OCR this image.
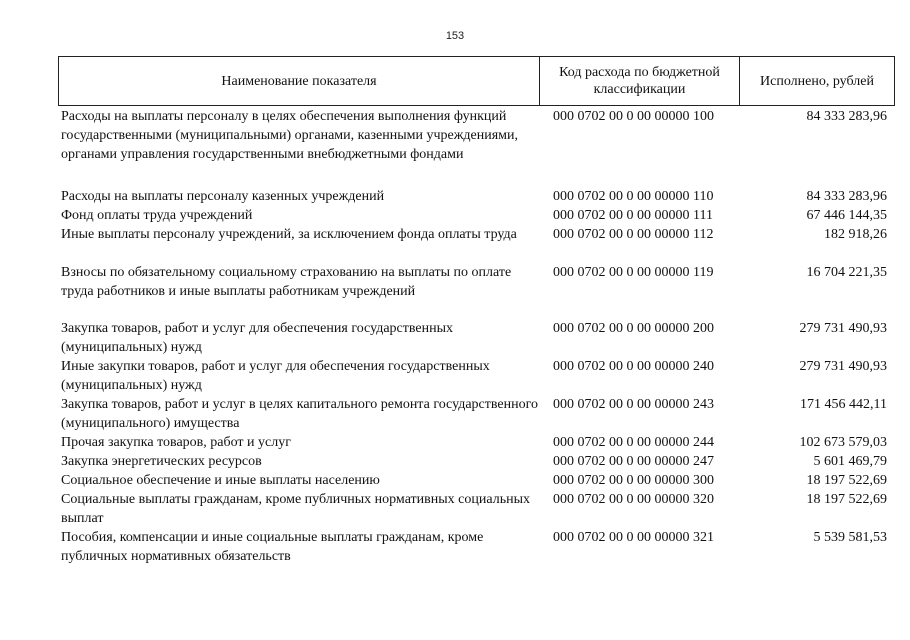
153
Наименование показателя
Код расхода по бюджетной классификации
Исполнено, рублей
Расходы на выплаты персоналу в целях обеспечения выполнения функций государственными (муниципальными) органами, казенными учреждениями, органами управления государственными внебюджетными фондами
000 0702 00 0 00 00000 100	84 333 283,96
Расходы на выплаты персоналу казенных учреждений	000 0702 00 0 00 00000 110	84 333 283,96
Фонд оплаты труда учреждений	000 0702 00 0 00 00000 111	67 446 144,35
Иные выплаты персоналу учреждений, за исключением фонда оплаты труда	000 0702 00 0 00 00000 112	182 918,26
Взносы по обязательному социальному страхованию на выплаты по оплате труда работников и иные выплаты работникам учреждений
000 0702 00 0 00 00000 119	16 704 221,35
Закупка товаров, работ и услуг для обеспечения государственных (муниципальных) нужд
000 0702 00 0 00 00000 200	279 731 490,93
Иные закупки товаров, работ и услуг для обеспечения государственных (муниципальных) нужд
000 0702 00 0 00 00000 240	279 731 490,93
Закупка товаров, работ и услуг в целях капитального ремонта государственного (муниципального) имущества
000 0702 00 0 00 00000 243	171 456 442,11
Прочая закупка товаров, работ и услуг	000 0702 00 0 00 00000 244	102 673 579,03
Закупка энергетических ресурсов	000 0702 00 0 00 00000 247	5 601 469,79
Социальное обеспечение и иные выплаты населению	000 0702 00 0 00 00000 300	18 197 522,69
Социальные выплаты гражданам, кроме публичных нормативных социальных выплат
000 0702 00 0 00 00000 320	18 197 522,69
Пособия, компенсации и иные социальные выплаты гражданам, кроме публичных нормативных обязательств
000 0702 00 0 00 00000 321	5 539 581,53
